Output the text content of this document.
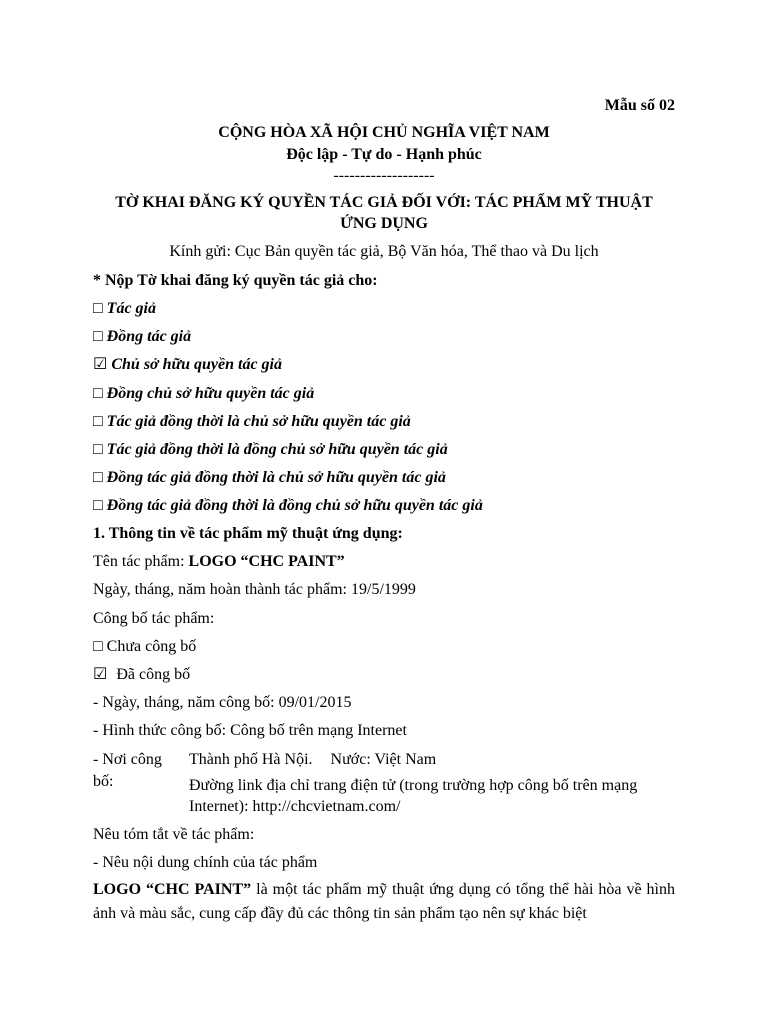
Mẫu số 02
CỘNG HÒA XÃ HỘI CHỦ NGHĨA VIỆT NAM
Độc lập - Tự do - Hạnh phúc
-------------------
TỜ KHAI ĐĂNG KÝ QUYỀN TÁC GIẢ ĐỐI VỚI: TÁC PHẨM MỸ THUẬT
ỨNG DỤNG
Kính gửi: Cục Bản quyền tác giả, Bộ Văn hóa, Thể thao và Du lịch
* Nộp Tờ khai đăng ký quyền tác giả cho:
□ Tác giả
□ Đồng tác giả
☑ Chủ sở hữu quyền tác giả
□ Đồng chủ sở hữu quyền tác giả
□ Tác giả đồng thời là chủ sở hữu quyền tác giả
□ Tác giả đồng thời là đồng chủ sở hữu quyền tác giả
□ Đồng tác giả đồng thời là chủ sở hữu quyền tác giả
□ Đồng tác giả đồng thời là đồng chủ sở hữu quyền tác giả
1. Thông tin về tác phẩm mỹ thuật ứng dụng:
Tên tác phẩm: LOGO “CHC PAINT”
Ngày, tháng, năm hoàn thành tác phẩm: 19/5/1999
Công bố tác phẩm:
□ Chưa công bố
☑ Đã công bố
- Ngày, tháng, năm công bố: 09/01/2015
- Hình thức công bố: Công bố trên mạng Internet
- Nơi công bố:
Thành phố Hà Nội. Nước: Việt Nam
Đường link địa chỉ trang điện tử (trong trường hợp công bố trên mạng Internet): http://chcvietnam.com/
Nêu tóm tắt về tác phẩm:
- Nêu nội dung chính của tác phẩm
LOGO “CHC PAINT” là một tác phẩm mỹ thuật ứng dụng có tổng thể hài hòa về hình ảnh và màu sắc, cung cấp đầy đủ các thông tin sản phẩm tạo nên sự khác biệt
